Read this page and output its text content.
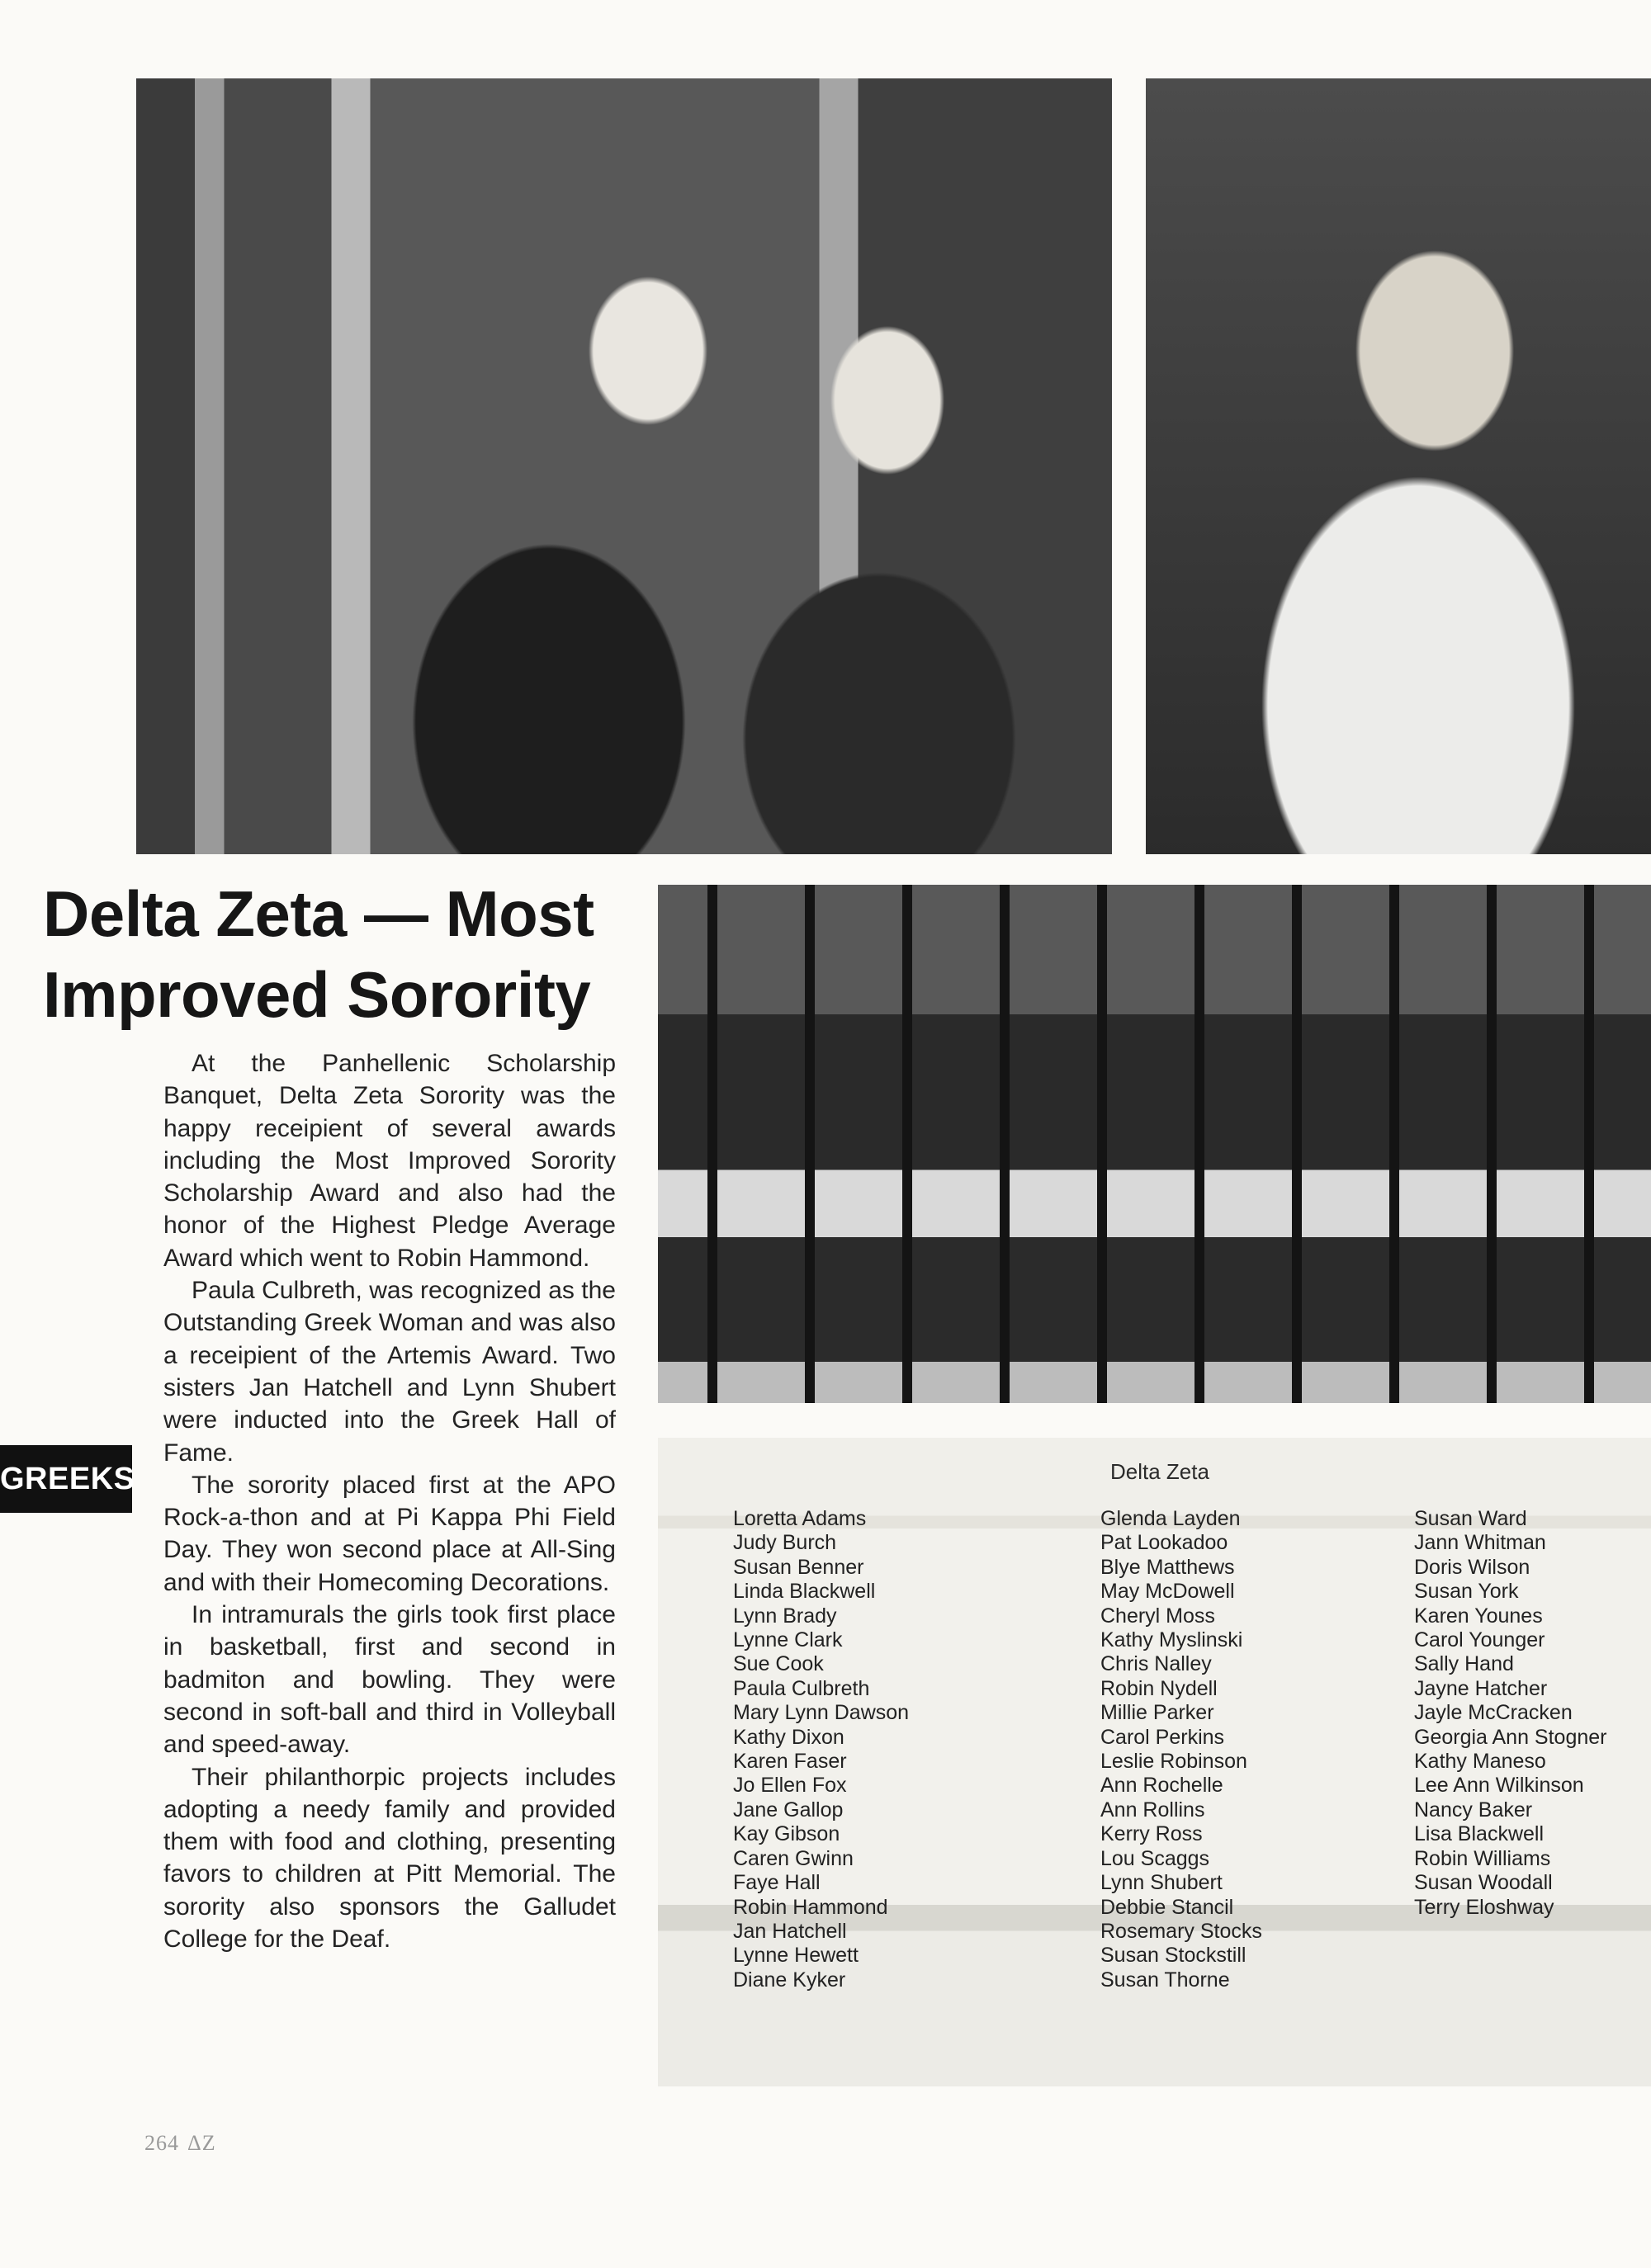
Delta Zeta — Most
Improved Sorority

At the Panhellenic Scholarship Banquet, Delta Zeta Sorority was the happy receipient of several awards including the Most Improved Sorority Scholarship Award and also had the honor of the Highest Pledge Average Award which went to Robin Hammond.

Paula Culbreth, was recognized as the Outstanding Greek Woman and was also a receipient of the Artemis Award. Two sisters Jan Hatchell and Lynn Shubert were inducted into the Greek Hall of Fame.

The sorority placed first at the APO Rock-a-thon and at Pi Kappa Phi Field Day. They won second place at All-Sing and with their Homecoming Decorations.

In intramurals the girls took first place in basketball, first and second in badmiton and bowling. They were second in soft-ball and third in Volleyball and speed-away.

Their philanthorpic projects includes adopting a needy family and provided them with food and clothing, presenting favors to children at Pitt Memorial. The sorority also sponsors the Galludet College for the Deaf.

GREEKS	Delta Zeta
Loretta Adams
Judy Burch
Susan Benner
Linda Blackwell
Lynn Brady
Lynne Clark
Sue Cook
Paula Culbreth
Mary Lynn Dawson
Kathy Dixon
Karen Faser
Jo Ellen Fox
Jane Gallop
Kay Gibson
Caren Gwinn
Faye Hall
Robin Hammond
Jan Hatchell
Lynne Hewett
Diane Kyker
Glenda Layden
Pat Lookadoo
Blye Matthews
May McDowell
Cheryl Moss
Kathy Myslinski
Chris Nalley
Robin Nydell
Millie Parker
Carol Perkins
Leslie Robinson
Ann Rochelle
Ann Rollins
Kerry Ross
Lou Scaggs
Lynn Shubert
Debbie Stancil
Rosemary Stocks
Susan Stockstill
Susan Thorne
Susan Ward
Jann Whitman
Doris Wilson
Susan York
Karen Younes
Carol Younger
Sally Hand
Jayne Hatcher
Jayle McCracken
Georgia Ann Stogner
Kathy Maneso
Lee Ann Wilkinson
Nancy Baker
Lisa Blackwell
Robin Williams
Susan Woodall
Terry Eloshway
264 ΔZ
